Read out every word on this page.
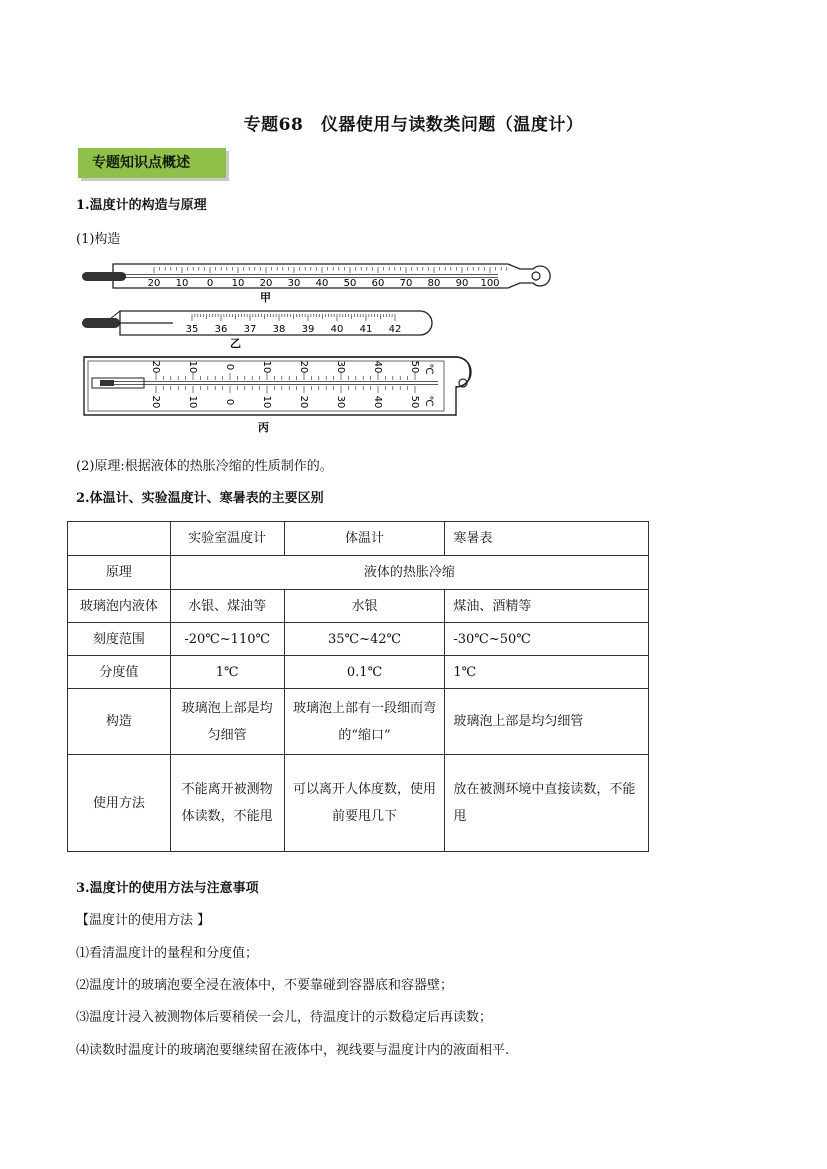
专题68　仪器使用与读数类问题（温度计）
专题知识点概述
1.温度计的构造与原理
(1)构造
20 10 0 10 20 30 40 50 60 70 80 90 100
甲
35 36 37 38 39 40 41 42
乙
20
20
10
10
0
0
10
10
20
20
30
30
40
40
50
50
℃
℃
丙
(2)原理:根据液体的热胀冷缩的性质制作的。
2.体温计、实验温度计、寒暑表的主要区别
	实验室温度计	体温计	寒暑表
原理	液体的热胀冷缩		
玻璃泡内液体	水银、煤油等	水银	煤油、酒精等
刻度范围	-20℃~110℃	35℃~42℃	-30℃~50℃
分度值	1℃	0.1℃	1℃
构造	玻璃泡上部是均匀细管	玻璃泡上部有一段细而弯的“缩口”	玻璃泡上部是均匀细管
使用方法	不能离开被测物体读数，不能甩	可以离开人体度数，使用前要甩几下	放在被测环境中直接读数，不能甩
3.温度计的使用方法与注意事项
【温度计的使用方法 】
⑴看清温度计的量程和分度值；
⑵温度计的玻璃泡要全浸在液体中，不要靠碰到容器底和容器壁；
⑶温度计浸入被测物体后要稍侯一会儿，待温度计的示数稳定后再读数；
⑷读数时温度计的玻璃泡要继续留在液体中，视线要与温度计内的液面相平.
